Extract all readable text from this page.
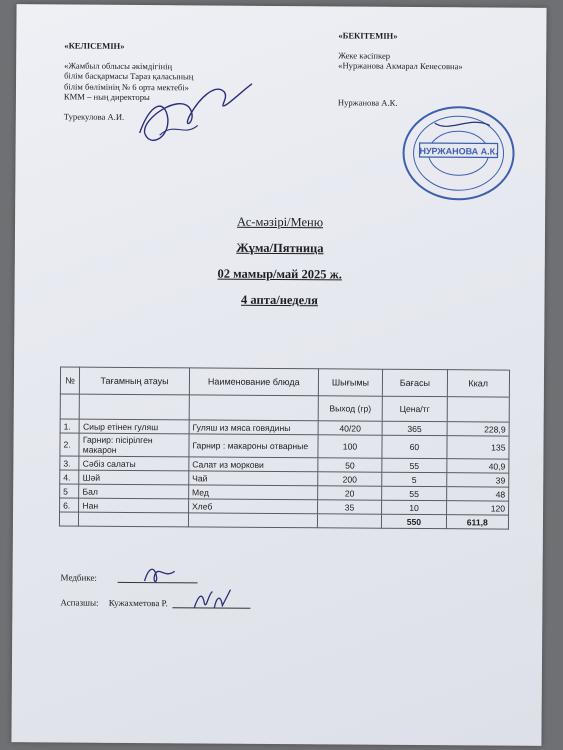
«КЕЛІСЕМІН»
«Жамбыл облысы әкімдігінің
білім басқармасы Тараз қаласының
білім бөлімінің № 6 орта мектебі»
КММ – ның директоры
Турекулова А.И.
«БЕКІТЕМІН»
Жеке кәсіпкер
«Нуржанова Акмарал Кенесовна»
Нуржанова А.К.
НУРЖАНОВА А.К.
Ас-мәзірі/Меню
Жұма/Пятница
02 мамыр/май 2025 ж.
4 апта/неделя
№	Тағамның атауы	Наименование блюда	Шығымы	Бағасы	Ккал
			Выход (гр)	Цена/тг	
1.	Сиыр етінен гуляш	Гуляш из мяса говядины	40/20	365	228,9
2.	Гарнир: пісірілген макарон	Гарнир : макароны отварные	100	60	135
3.	Сәбіз салаты	Салат из моркови	50	55	40,9
4.	Шәй	Чай	200	5	39
5	Бал	Мед	20	55	48
6.	Нан	Хлеб	35	10	120
				550	611,8
Медбике:
Аспазшы: Кужахметова Р.
